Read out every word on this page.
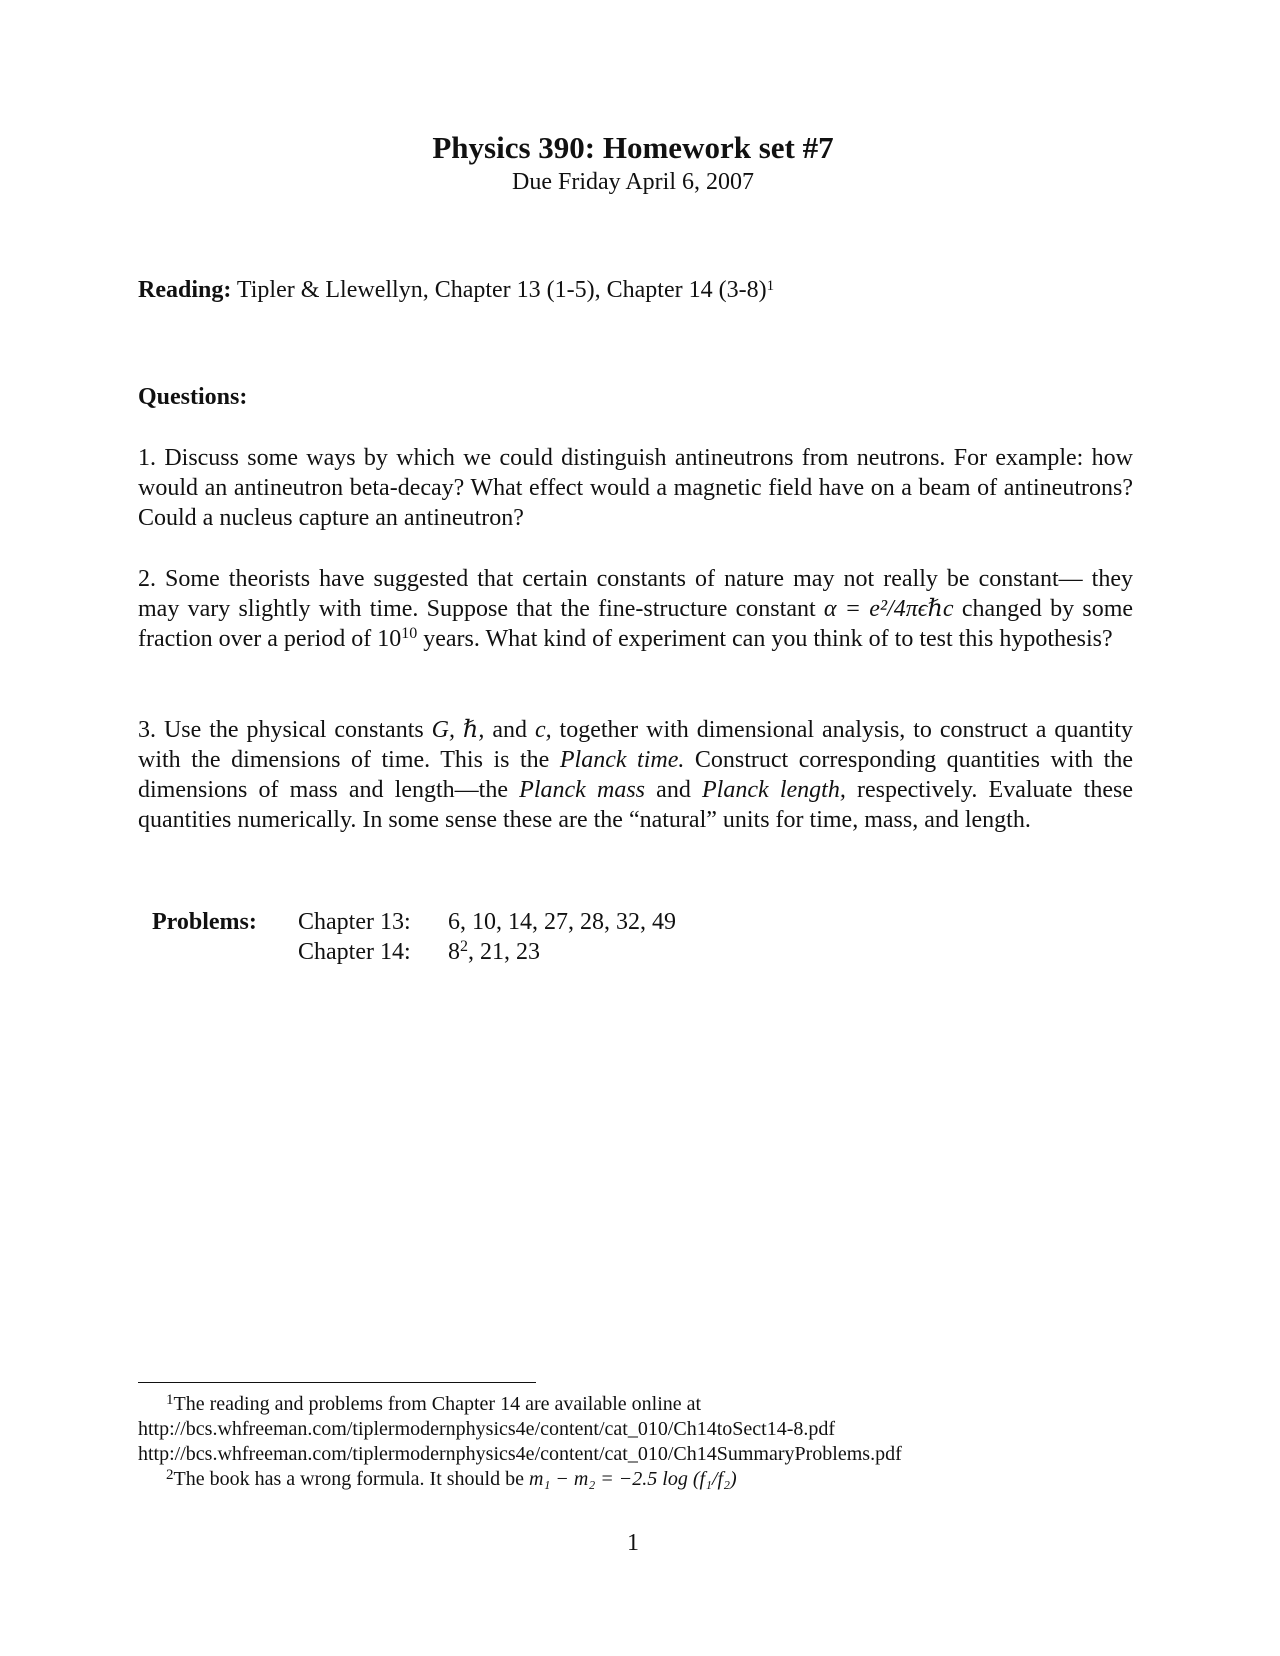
Physics 390: Homework set #7
Due Friday April 6, 2007
Reading: Tipler & Llewellyn, Chapter 13 (1-5), Chapter 14 (3-8)$^1$
Questions:
1. Discuss some ways by which we could distinguish antineutrons from neutrons. For example: how would an antineutron beta-decay? What effect would a magnetic field have on a beam of antineutrons? Could a nucleus capture an antineutron?
2. Some theorists have suggested that certain constants of nature may not really be constant— they may vary slightly with time. Suppose that the fine-structure constant α = e²/4πϵℏc changed by some fraction over a period of $10^{10}$ years. What kind of experiment can you think of to test this hypothesis?
3. Use the physical constants G, ℏ, and c, together with dimensional analysis, to construct a quantity with the dimensions of time. This is the Planck time. Construct corresponding quantities with the dimensions of mass and length—the Planck mass and Planck length, respectively. Evaluate these quantities numerically. In some sense these are the “natural” units for time, mass, and length.
Problems:	Chapter 13:	6, 10, 14, 27, 28, 32, 49
	Chapter 14:	$8^2$, 21, 23
$^1$The reading and problems from Chapter 14 are available online at
http://bcs.whfreeman.com/tiplermodernphysics4e/content/cat_010/Ch14toSect14-8.pdf
http://bcs.whfreeman.com/tiplermodernphysics4e/content/cat_010/Ch14SummaryProblems.pdf
$^2$The book has a wrong formula. It should be m₁ − m₂ = −2.5 log (f₁/f₂)
1
